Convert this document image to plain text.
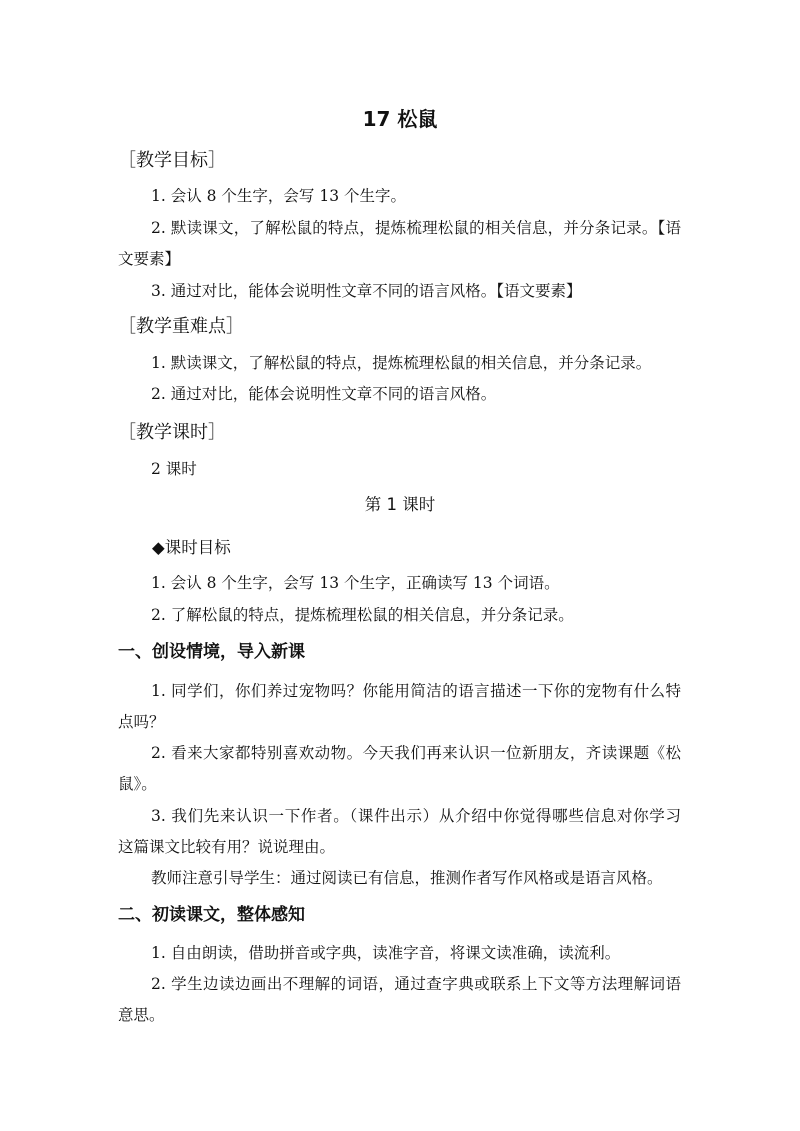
17 松鼠
［教学目标］
1. 会认 8 个生字，会写 13 个生字。
2. 默读课文，了解松鼠的特点，提炼梳理松鼠的相关信息，并分条记录。【语
文要素】
3. 通过对比，能体会说明性文章不同的语言风格。【语文要素】
［教学重难点］
1. 默读课文，了解松鼠的特点，提炼梳理松鼠的相关信息，并分条记录。
2. 通过对比，能体会说明性文章不同的语言风格。
［教学课时］
2 课时
第 1 课时
◆课时目标
1. 会认 8 个生字，会写 13 个生字，正确读写 13 个词语。
2. 了解松鼠的特点，提炼梳理松鼠的相关信息，并分条记录。
一、创设情境，导入新课
1. 同学们，你们养过宠物吗？你能用简洁的语言描述一下你的宠物有什么特
点吗？
2. 看来大家都特别喜欢动物。今天我们再来认识一位新朋友，齐读课题《松
鼠》。
3. 我们先来认识一下作者。（课件出示）从介绍中你觉得哪些信息对你学习
这篇课文比较有用？说说理由。
教师注意引导学生：通过阅读已有信息，推测作者写作风格或是语言风格。
二、初读课文，整体感知
1. 自由朗读，借助拼音或字典，读准字音，将课文读准确，读流利。
2. 学生边读边画出不理解的词语，通过查字典或联系上下文等方法理解词语
意思。
